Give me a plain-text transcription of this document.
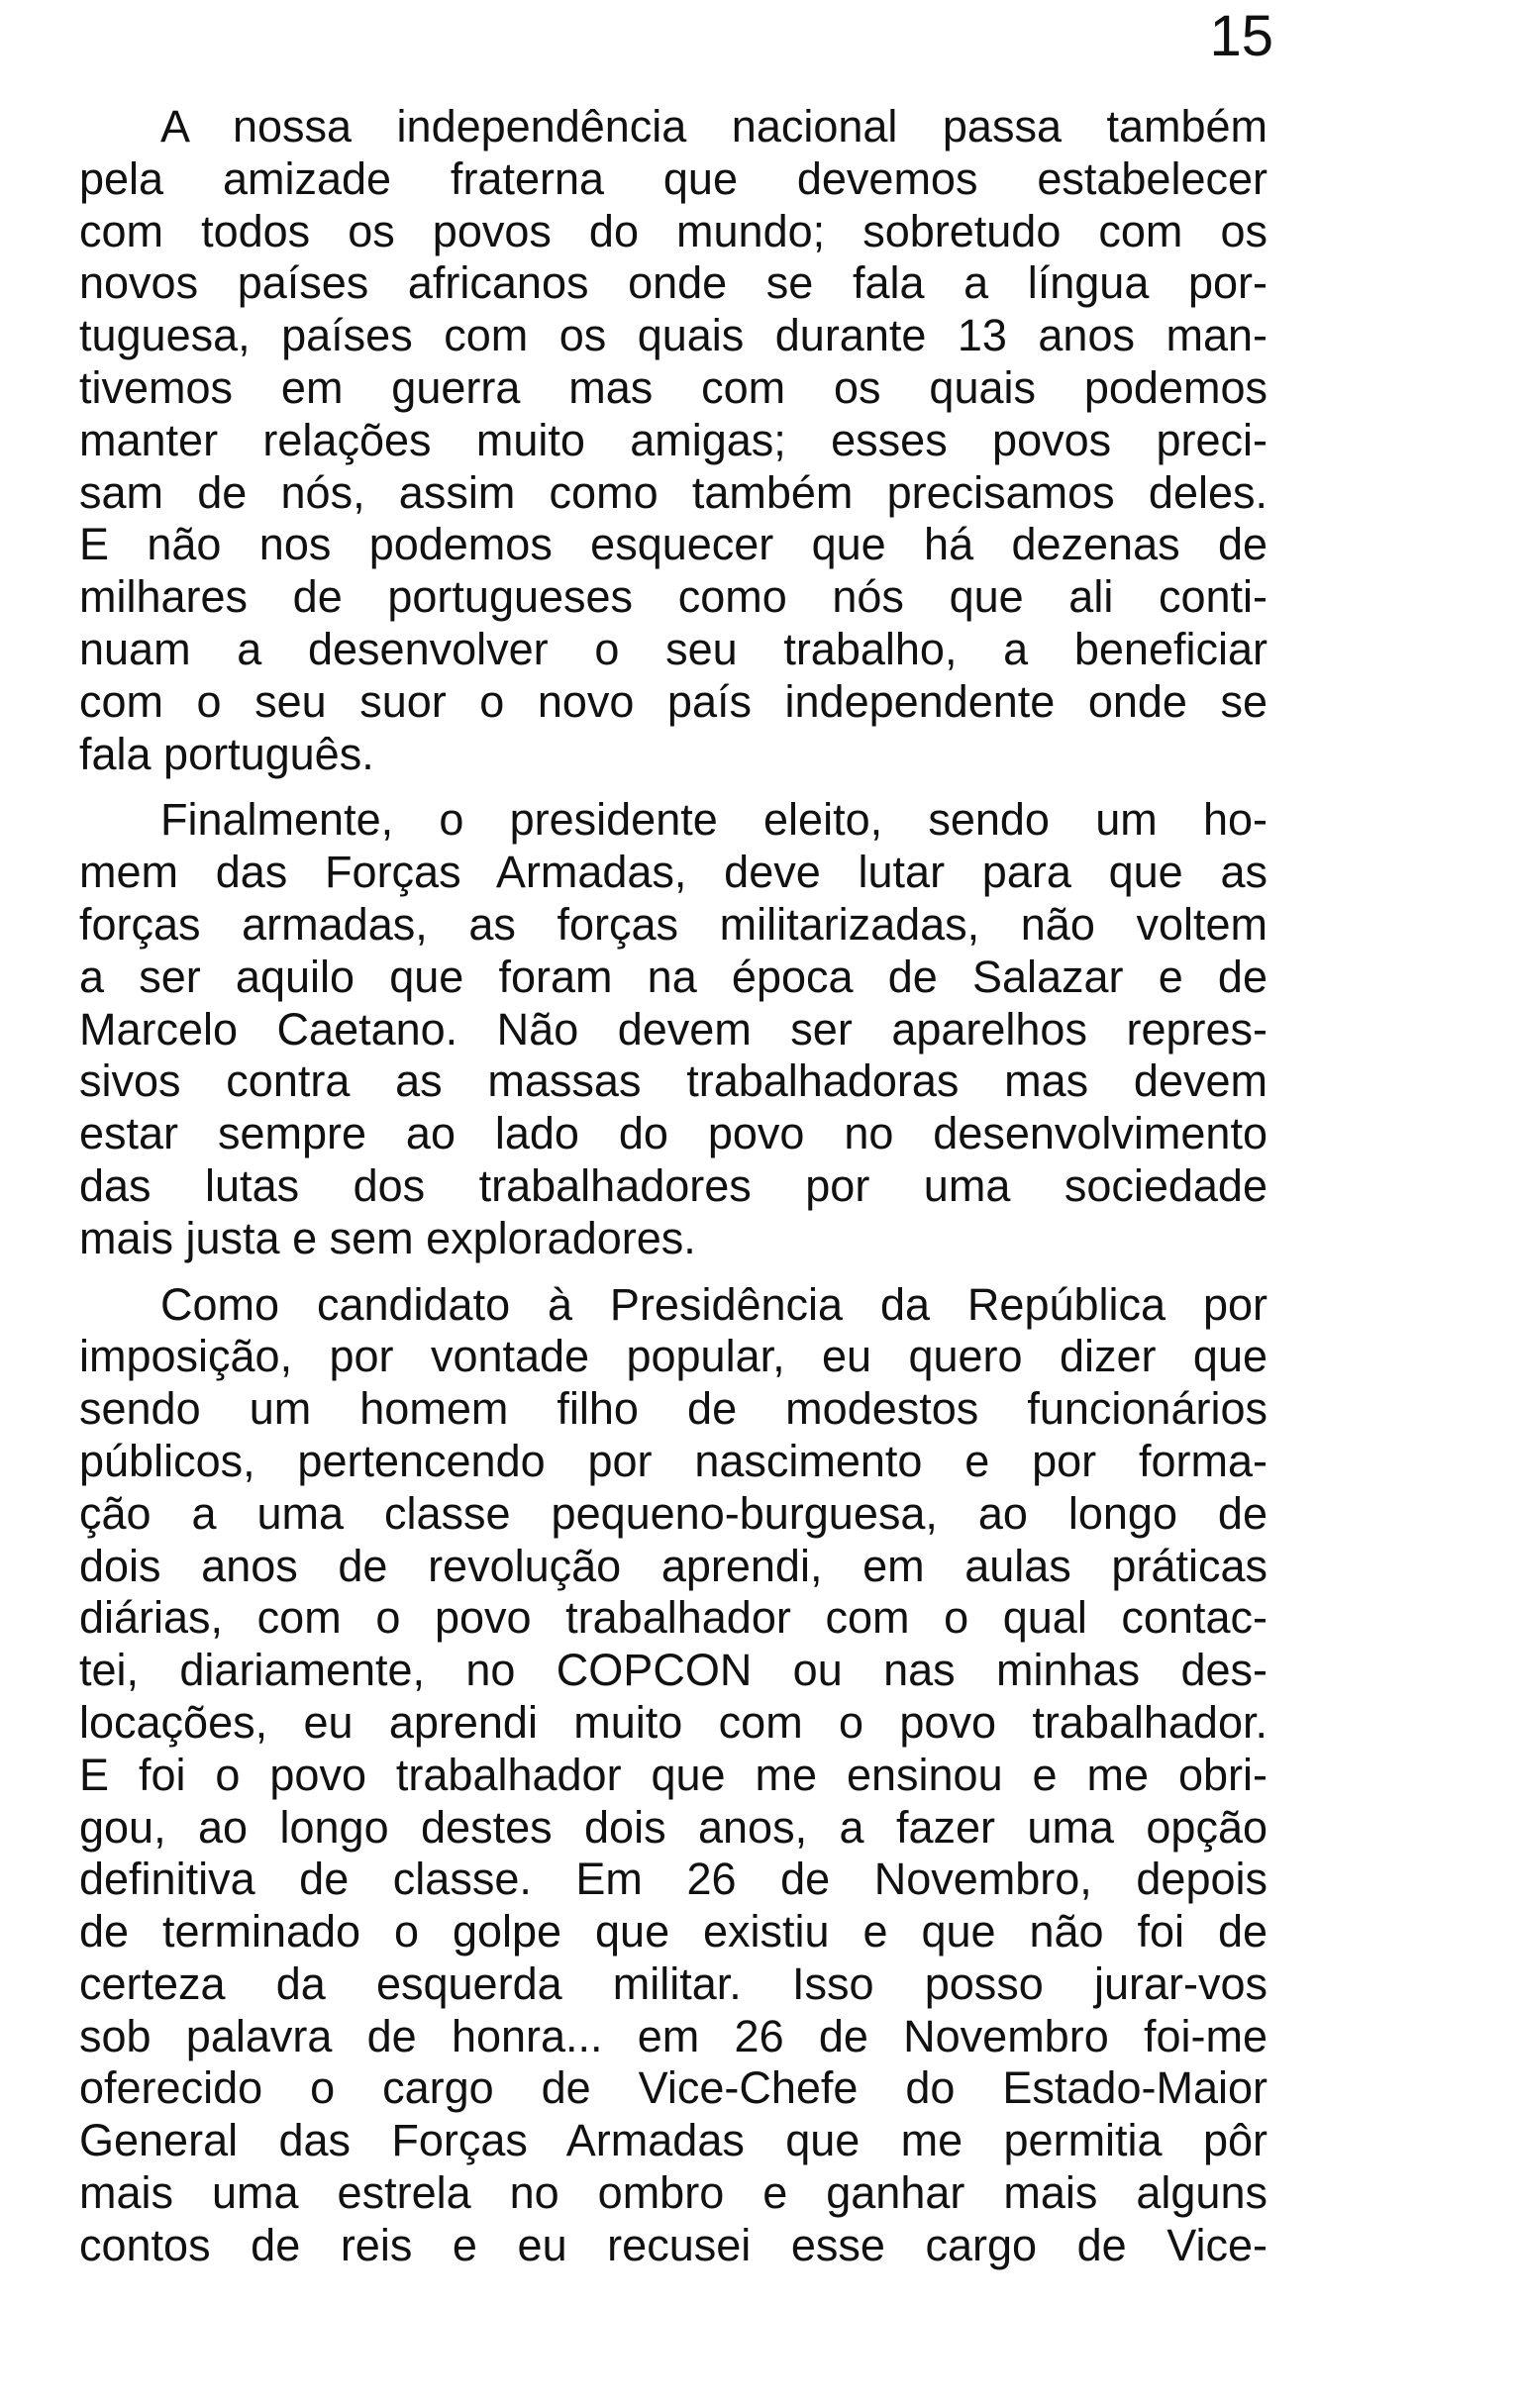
15
A nossa independência nacional passa também
pela amizade fraterna que devemos estabelecer
com todos os povos do mundo; sobretudo com os
novos países africanos onde se fala a língua por-
tuguesa, países com os quais durante 13 anos man-
tivemos em guerra mas com os quais podemos
manter relações muito amigas; esses povos preci-
sam de nós, assim como também precisamos deles.
E não nos podemos esquecer que há dezenas de
milhares de portugueses como nós que ali conti-
nuam a desenvolver o seu trabalho, a beneficiar
com o seu suor o novo país independente onde se
fala português.
Finalmente, o presidente eleito, sendo um ho-
mem das Forças Armadas, deve lutar para que as
forças armadas, as forças militarizadas, não voltem
a ser aquilo que foram na época de Salazar e de
Marcelo Caetano. Não devem ser aparelhos repres-
sivos contra as massas trabalhadoras mas devem
estar sempre ao lado do povo no desenvolvimento
das lutas dos trabalhadores por uma sociedade
mais justa e sem exploradores.
Como candidato à Presidência da República por
imposição, por vontade popular, eu quero dizer que
sendo um homem filho de modestos funcionários
públicos, pertencendo por nascimento e por forma-
ção a uma classe pequeno-burguesa, ao longo de
dois anos de revolução aprendi, em aulas práticas
diárias, com o povo trabalhador com o qual contac-
tei, diariamente, no COPCON ou nas minhas des-
locações, eu aprendi muito com o povo trabalhador.
E foi o povo trabalhador que me ensinou e me obri-
gou, ao longo destes dois anos, a fazer uma opção
definitiva de classe. Em 26 de Novembro, depois
de terminado o golpe que existiu e que não foi de
certeza da esquerda militar. Isso posso jurar-vos
sob palavra de honra... em 26 de Novembro foi-me
oferecido o cargo de Vice-Chefe do Estado-Maior
General das Forças Armadas que me permitia pôr
mais uma estrela no ombro e ganhar mais alguns
contos de reis e eu recusei esse cargo de Vice-
